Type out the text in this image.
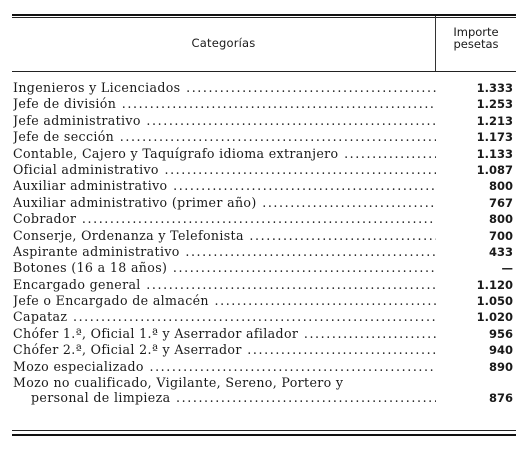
Categorías
Importe
pesetas
Ingenieros y Licenciados .....	1.333
Jefe de división .....	1.253
Jefe administrativo .....	1.213
Jefe de sección .....	1.173
Contable, Cajero y Taquígrafo idioma extranjero .....	1.133
Oficial administrativo .....	1.087
Auxiliar administrativo .....	800
Auxiliar administrativo (primer año) .....	767
Cobrador .....	800
Conserje, Ordenanza y Telefonista .....	700
Aspirante administrativo .....	433
Botones (16 a 18 años) .....	—
Encargado general .....	1.120
Jefe o Encargado de almacén .....	1.050
Capataz .....	1.020
Chófer 1.ª, Oficial 1.ª y Aserrador afilador .....	956
Chófer 2.ª, Oficial 2.ª y Aserrador .....	940
Mozo especializado .....	890
Mozo no cualificado, Vigilante, Sereno, Portero y
personal de limpieza .....	876
